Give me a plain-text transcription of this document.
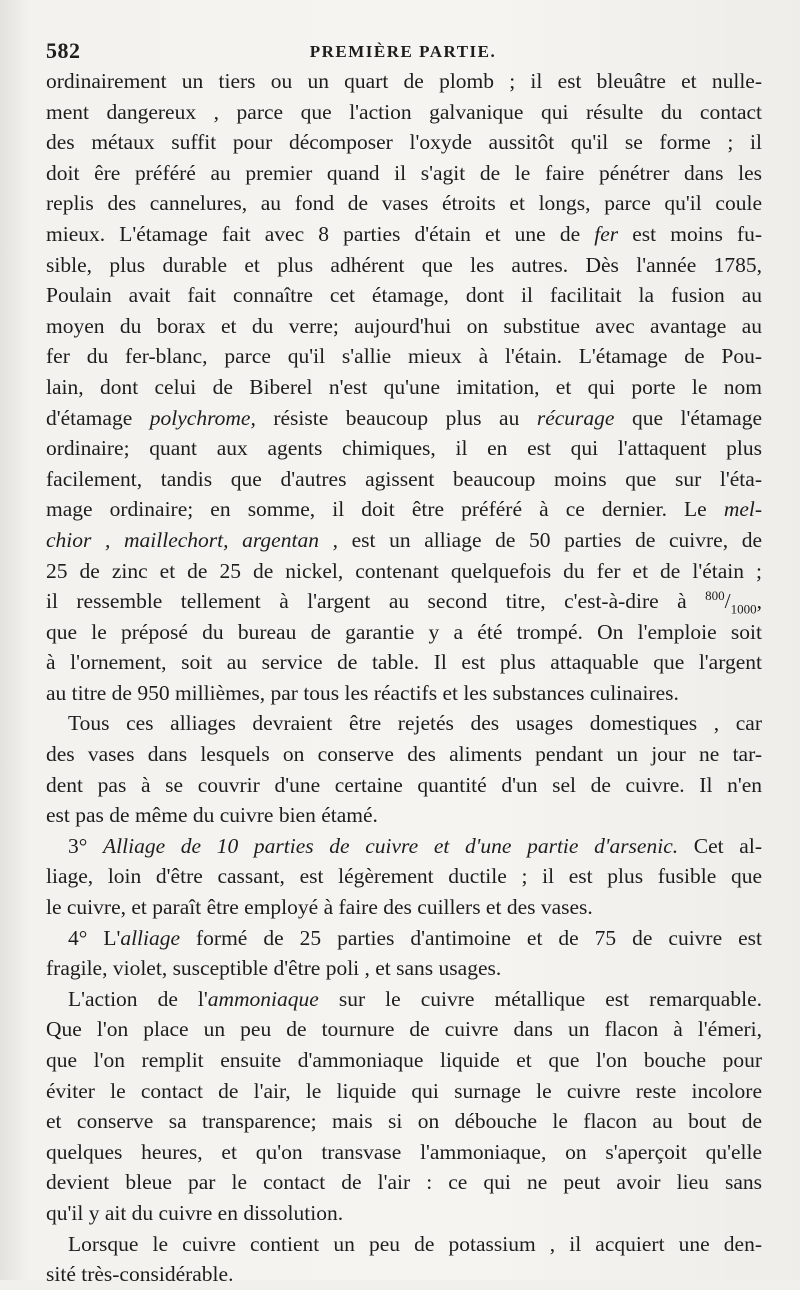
582	PREMIÈRE PARTIE.
ordinairement un tiers ou un quart de plomb ; il est bleuâtre et nulle-
ment dangereux , parce que l'action galvanique qui résulte du contact
des métaux suffit pour décomposer l'oxyde aussitôt qu'il se forme ; il
doit êre préféré au premier quand il s'agit de le faire pénétrer dans les
replis des cannelures, au fond de vases étroits et longs, parce qu'il coule
mieux. L'étamage fait avec 8 parties d'étain et une de fer est moins fu-
sible, plus durable et plus adhérent que les autres. Dès l'année 1785,
Poulain avait fait connaître cet étamage, dont il facilitait la fusion au
moyen du borax et du verre; aujourd'hui on substitue avec avantage au
fer du fer-blanc, parce qu'il s'allie mieux à l'étain. L'étamage de Pou-
lain, dont celui de Biberel n'est qu'une imitation, et qui porte le nom
d'étamage polychrome, résiste beaucoup plus au récurage que l'étamage
ordinaire; quant aux agents chimiques, il en est qui l'attaquent plus
facilement, tandis que d'autres agissent beaucoup moins que sur l'éta-
mage ordinaire; en somme, il doit être préféré à ce dernier. Le mel-
chior , maillechort, argentan , est un alliage de 50 parties de cuivre, de
25 de zinc et de 25 de nickel, contenant quelquefois du fer et de l'étain ;
il ressemble tellement à l'argent au second titre, c'est-à-dire à $^{800}/_{1000}$,
que le préposé du bureau de garantie y a été trompé. On l'emploie soit
à l'ornement, soit au service de table. Il est plus attaquable que l'argent
au titre de 950 millièmes, par tous les réactifs et les substances culinaires.
Tous ces alliages devraient être rejetés des usages domestiques , car
des vases dans lesquels on conserve des aliments pendant un jour ne tar-
dent pas à se couvrir d'une certaine quantité d'un sel de cuivre. Il n'en
est pas de même du cuivre bien étamé.
3° Alliage de 10 parties de cuivre et d'une partie d'arsenic. Cet al-
liage, loin d'être cassant, est légèrement ductile ; il est plus fusible que
le cuivre, et paraît être employé à faire des cuillers et des vases.
4° L'alliage formé de 25 parties d'antimoine et de 75 de cuivre est
fragile, violet, susceptible d'être poli , et sans usages.
L'action de l'ammoniaque sur le cuivre métallique est remarquable.
Que l'on place un peu de tournure de cuivre dans un flacon à l'émeri,
que l'on remplit ensuite d'ammoniaque liquide et que l'on bouche pour
éviter le contact de l'air, le liquide qui surnage le cuivre reste incolore
et conserve sa transparence; mais si on débouche le flacon au bout de
quelques heures, et qu'on transvase l'ammoniaque, on s'aperçoit qu'elle
devient bleue par le contact de l'air : ce qui ne peut avoir lieu sans
qu'il y ait du cuivre en dissolution.
Lorsque le cuivre contient un peu de potassium , il acquiert une den-
sité très-considérable.
